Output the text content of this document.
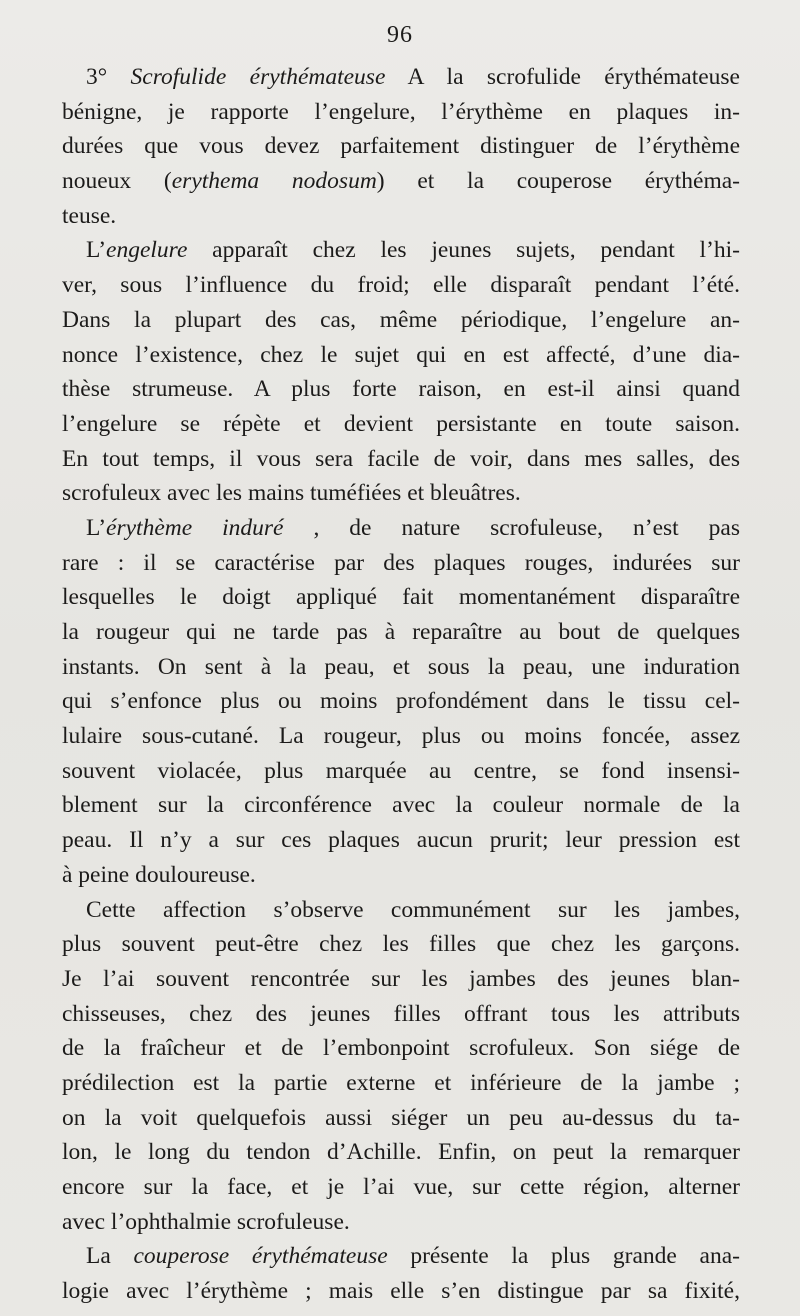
96
3° Scrofulide érythémateuse A la scrofulide érythémateuse
bénigne, je rapporte l’engelure, l’érythème en plaques in-
durées que vous devez parfaitement distinguer de l’érythème
noueux (erythema nodosum) et la couperose érythéma-
teuse.
L’engelure apparaît chez les jeunes sujets, pendant l’hi-
ver, sous l’influence du froid; elle disparaît pendant l’été.
Dans la plupart des cas, même périodique, l’engelure an-
nonce l’existence, chez le sujet qui en est affecté, d’une dia-
thèse strumeuse. A plus forte raison, en est-il ainsi quand
l’engelure se répète et devient persistante en toute saison.
En tout temps, il vous sera facile de voir, dans mes salles, des
scrofuleux avec les mains tuméfiées et bleuâtres.
L’érythème induré , de nature scrofuleuse, n’est pas
rare : il se caractérise par des plaques rouges, indurées sur
lesquelles le doigt appliqué fait momentanément disparaître
la rougeur qui ne tarde pas à reparaître au bout de quelques
instants. On sent à la peau, et sous la peau, une induration
qui s’enfonce plus ou moins profondément dans le tissu cel-
lulaire sous-cutané. La rougeur, plus ou moins foncée, assez
souvent violacée, plus marquée au centre, se fond insensi-
blement sur la circonférence avec la couleur normale de la
peau. Il n’y a sur ces plaques aucun prurit; leur pression est
à peine douloureuse.
Cette affection s’observe communément sur les jambes,
plus souvent peut-être chez les filles que chez les garçons.
Je l’ai souvent rencontrée sur les jambes des jeunes blan-
chisseuses, chez des jeunes filles offrant tous les attributs
de la fraîcheur et de l’embonpoint scrofuleux. Son siége de
prédilection est la partie externe et inférieure de la jambe ;
on la voit quelquefois aussi siéger un peu au-dessus du ta-
lon, le long du tendon d’Achille. Enfin, on peut la remarquer
encore sur la face, et je l’ai vue, sur cette région, alterner
avec l’ophthalmie scrofuleuse.
La couperose érythémateuse présente la plus grande ana-
logie avec l’érythème ; mais elle s’en distingue par sa fixité,
